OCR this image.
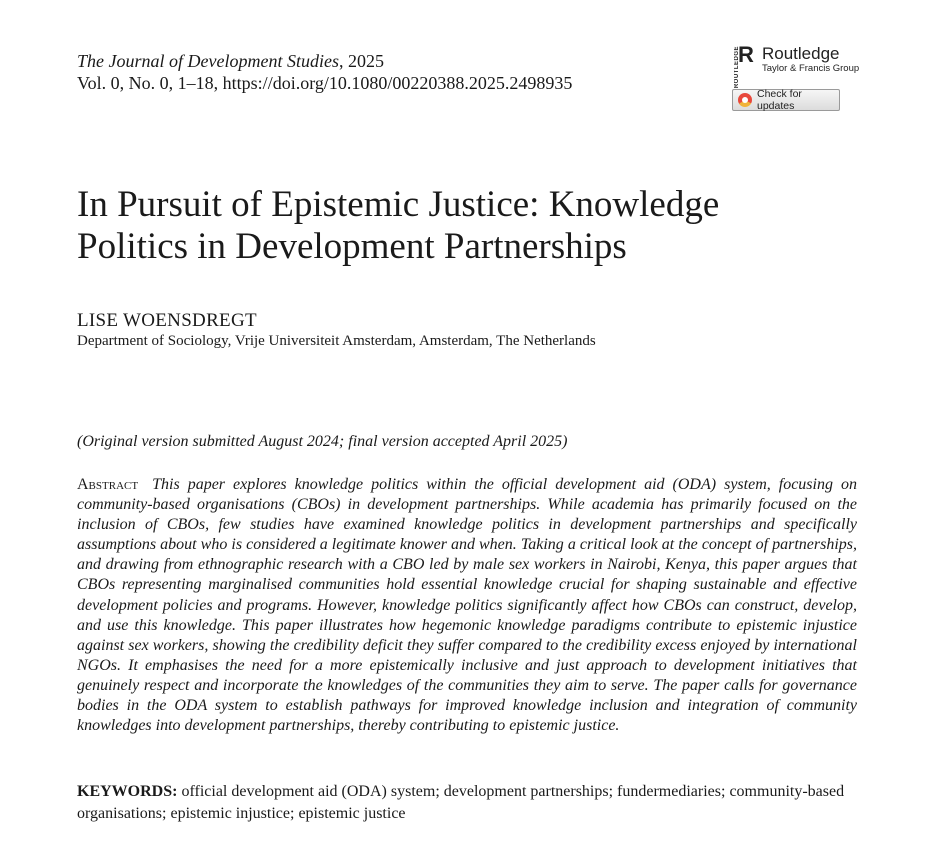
The Journal of Development Studies, 2025
Vol. 0, No. 0, 1–18, https://doi.org/10.1080/00220388.2025.2498935	ROUTLEDGE
R Routledge
Taylor & Francis Group
Check for updates
In Pursuit of Epistemic Justice: Knowledge Politics in Development Partnerships
LISE WOENSDREGT
Department of Sociology, Vrije Universiteit Amsterdam, Amsterdam, The Netherlands
(Original version submitted August 2024; final version accepted April 2025)
Abstract This paper explores knowledge politics within the official development aid (ODA) system, focusing on community-based organisations (CBOs) in development partnerships. While academia has primarily focused on the inclusion of CBOs, few studies have examined knowledge politics in development partnerships and specifically assumptions about who is considered a legitimate knower and when. Taking a critical look at the concept of partnerships, and drawing from ethnographic research with a CBO led by male sex workers in Nairobi, Kenya, this paper argues that CBOs representing marginalised communities hold essential knowledge crucial for shaping sustainable and effective development policies and programs. However, knowledge politics significantly affect how CBOs can construct, develop, and use this knowledge. This paper illustrates how hegemonic knowledge paradigms contribute to epistemic injustice against sex workers, showing the credibility deficit they suffer compared to the credibility excess enjoyed by international NGOs. It emphasises the need for a more epistemically inclusive and just approach to development initiatives that genuinely respect and incorporate the knowledges of the communities they aim to serve. The paper calls for governance bodies in the ODA system to establish pathways for improved knowledge inclusion and integration of community knowledges into development partnerships, thereby contributing to epistemic justice.
KEYWORDS: official development aid (ODA) system; development partnerships; fundermediaries; community-based organisations; epistemic injustice; epistemic justice
